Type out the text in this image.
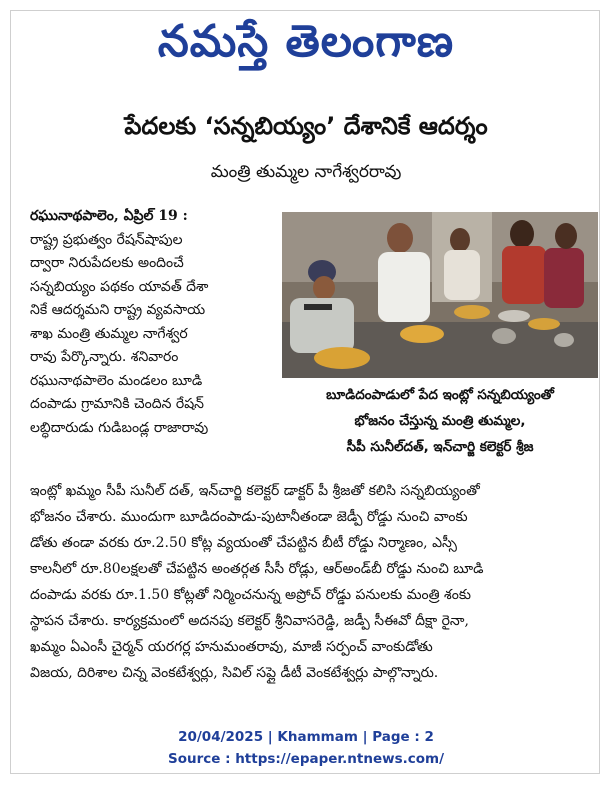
నమస్తే తెలంగాణ
పేదలకు ‘సన్నబియ్యం’ దేశానికే ఆదర్శం
మంత్రి తుమ్మల నాగేశ్వరరావు
రఘునాథపాలెం, ఏప్రిల్ 19 :
రాష్ట్ర ప్రభుత్వం రేషన్‌షాపుల
ద్వారా నిరుపేదలకు అందించే
సన్నబియ్యం పథకం యావత్ దేశా
నికే ఆదర్శమని రాష్ట్ర వ్యవసాయ
శాఖ మంత్రి తుమ్మల నాగేశ్వర
రావు పేర్కొన్నారు. శనివారం
రఘునాథపాలెం మండలం బూడి
దంపాడు గ్రామానికి చెందిన రేషన్
లబ్ధిదారుడు గుడిబండ్ల రాజారావు
బూడిదంపాడులో పేద ఇంట్లో సన్నబియ్యంతో
భోజనం చేస్తున్న మంత్రి తుమ్మల,
సీపీ సునీల్‌దత్, ఇన్‌చార్జి కలెక్టర్ శ్రీజ
ఇంట్లో ఖమ్మం సీపీ సునీల్ దత్, ఇన్‌చార్జి కలెక్టర్ డాక్టర్ పీ శ్రీజతో కలిసి సన్నబియ్యంతో
భోజనం చేశారు. ముందుగా బూడిదంపాడు-పుటానీతండా జెడ్పీ రోడ్డు నుంచి వాంకు
డోతు తండా వరకు రూ.2.50 కోట్ల వ్యయంతో చేపట్టిన బీటీ రోడ్డు నిర్మాణం, ఎస్సీ
కాలనీలో రూ.80లక్షలతో చేపట్టిన అంతర్గత సీసీ రోడ్లు, ఆర్అండ్‌బీ రోడ్డు నుంచి బూడి
దంపాడు వరకు రూ.1.50 కోట్లతో నిర్మించనున్న అప్రోచ్ రోడ్డు పనులకు మంత్రి శంకు
స్థాపన చేశారు. కార్యక్రమంలో అదనపు కలెక్టర్ శ్రీనివాసరెడ్డి, జడ్పీ సీఈవో దీక్షా రైనా,
ఖమ్మం ఏఎంసీ చైర్మన్ యరగర్ల హనుమంతరావు, మాజీ సర్పంచ్ వాంకుడోతు
విజయ, దిరిశాల చిన్న వెంకటేశ్వర్లు, సివిల్ సప్లై డీటీ వెంకటేశ్వర్లు పాల్గొన్నారు.
20/04/2025 | Khammam | Page : 2
Source : https://epaper.ntnews.com/
